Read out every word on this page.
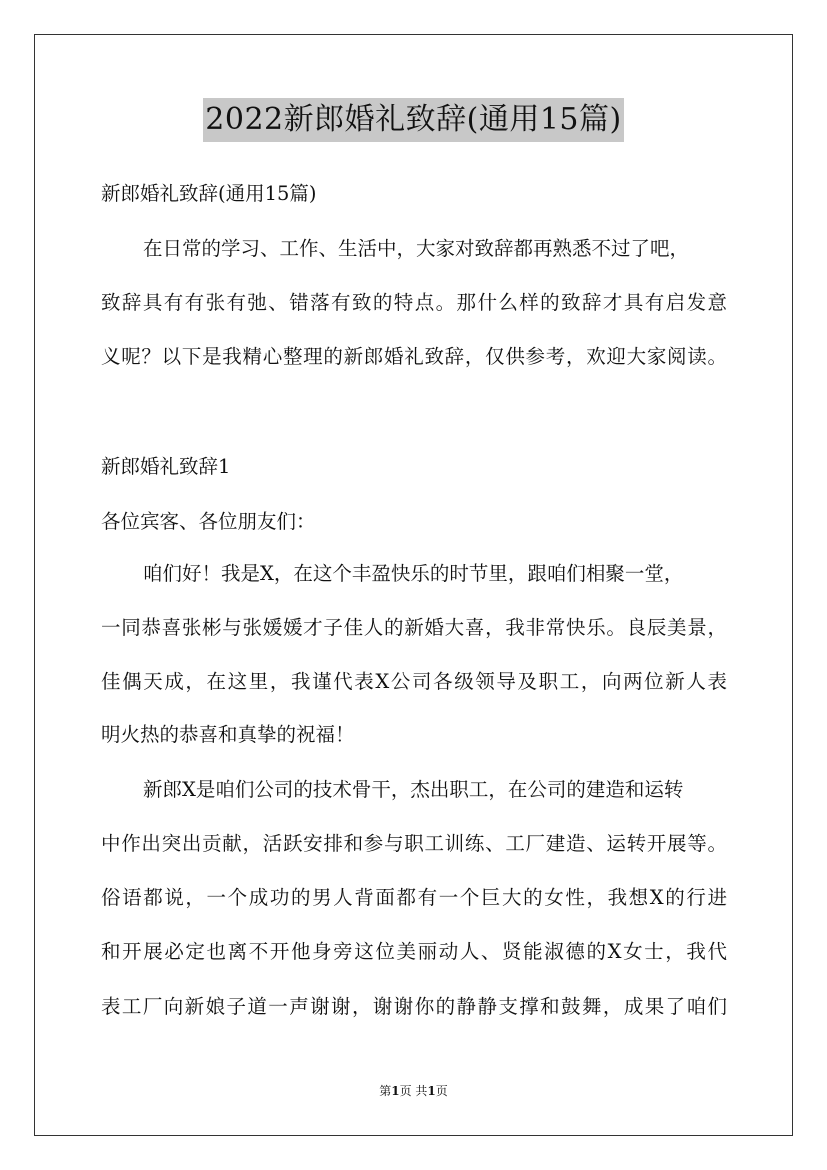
2022新郎婚礼致辞(通用15篇)
新郎婚礼致辞(通用15篇)
在日常的学习、工作、生活中，大家对致辞都再熟悉不过了吧，
致辞具有有张有弛、错落有致的特点。那什么样的致辞才具有启发意
义呢？以下是我精心整理的新郎婚礼致辞，仅供参考，欢迎大家阅读。
新郎婚礼致辞1
各位宾客、各位朋友们：
咱们好！我是X，在这个丰盈快乐的时节里，跟咱们相聚一堂，
一同恭喜张彬与张媛媛才子佳人的新婚大喜，我非常快乐。良辰美景，
佳偶天成，在这里，我谨代表X公司各级领导及职工，向两位新人表
明火热的恭喜和真挚的祝福！
新郎X是咱们公司的技术骨干，杰出职工，在公司的建造和运转
中作出突出贡献，活跃安排和参与职工训练、工厂建造、运转开展等。
俗语都说，一个成功的男人背面都有一个巨大的女性，我想X的行进
和开展必定也离不开他身旁这位美丽动人、贤能淑德的X女士，我代
表工厂向新娘子道一声谢谢，谢谢你的静静支撑和鼓舞，成果了咱们
第1页 共1页
